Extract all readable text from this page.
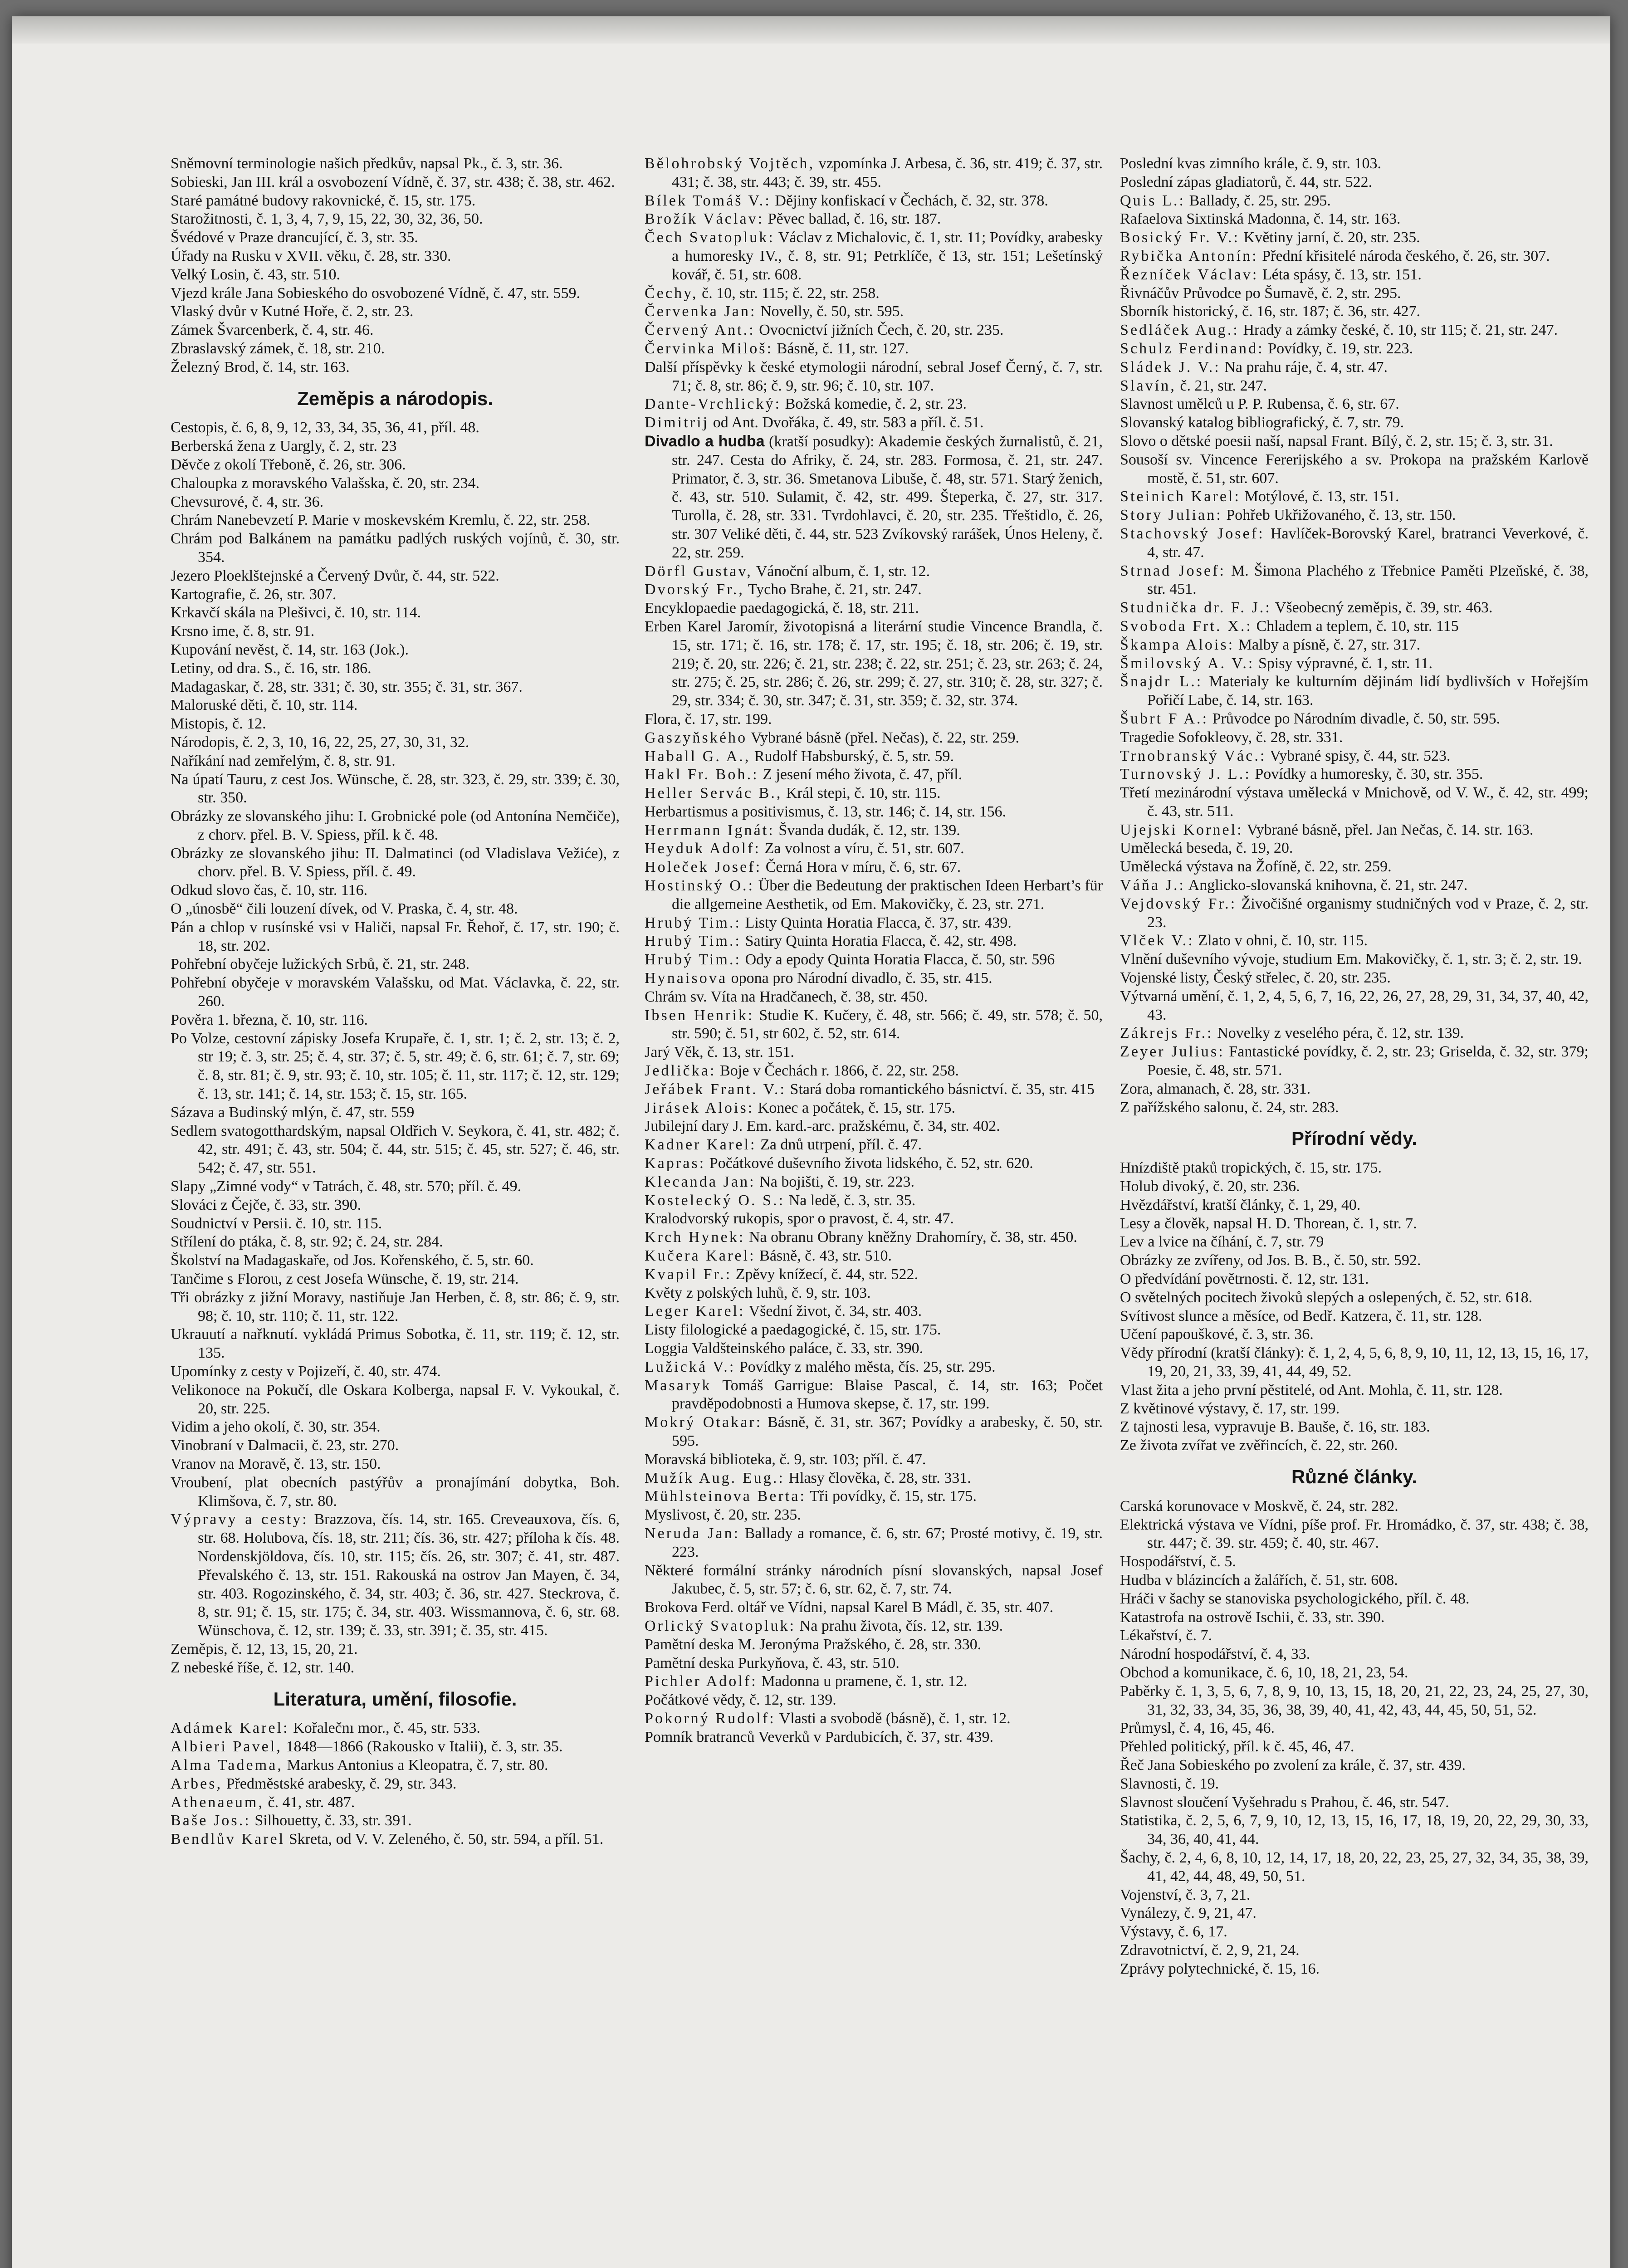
Sněmovní terminologie našich předkův, napsal Pk., č. 3, str. 36.

Sobieski, Jan III. král a osvobození Vídně, č. 37, str. 438; č. 38, str. 462.

Staré památné budovy rakovnické, č. 15, str. 175.

Starožitnosti, č. 1, 3, 4, 7, 9, 15, 22, 30, 32, 36, 50.

Švédové v Praze drancující, č. 3, str. 35.

Úřady na Rusku v XVII. věku, č. 28, str. 330.

Velký Losin, č. 43, str. 510.

Vjezd krále Jana Sobieského do osvobozené Vídně, č. 47, str. 559.

Vlaský dvůr v Kutné Hoře, č. 2, str. 23.

Zámek Švarcenberk, č. 4, str. 46.

Zbraslavský zámek, č. 18, str. 210.

Železný Brod, č. 14, str. 163.

Zeměpis a národopis.

Cestopis, č. 6, 8, 9, 12, 33, 34, 35, 36, 41, příl. 48.

Berberská žena z Uargly, č. 2, str. 23

Děvče z okolí Třeboně, č. 26, str. 306.

Chaloupka z moravského Valašska, č. 20, str. 234.

Chevsurové, č. 4, str. 36.

Chrám Nanebevzetí P. Marie v moskevském Kremlu, č. 22, str. 258.

Chrám pod Balkánem na památku padlých ruských vojínů, č. 30, str. 354.

Jezero Ploeklštejnské a Červený Dvůr, č. 44, str. 522.

Kartografie, č. 26, str. 307.

Krkavčí skála na Plešivci, č. 10, str. 114.

Krsno ime, č. 8, str. 91.

Kupování nevěst, č. 14, str. 163 (Jok.).

Letiny, od dra. S., č. 16, str. 186.

Madagaskar, č. 28, str. 331; č. 30, str. 355; č. 31, str. 367.

Maloruské děti, č. 10, str. 114.

Mistopis, č. 12.

Národopis, č. 2, 3, 10, 16, 22, 25, 27, 30, 31, 32.

Naříkání nad zemřelým, č. 8, str. 91.

Na úpatí Tauru, z cest Jos. Wünsche, č. 28, str. 323, č. 29, str. 339; č. 30, str. 350.

Obrázky ze slovanského jihu: I. Grobnické pole (od Antonína Nemčiče), z chorv. přel. B. V. Spiess, příl. k č. 48.

Obrázky ze slovanského jihu: II. Dalmatinci (od Vladislava Vežiće), z chorv. přel. B. V. Spiess, příl. č. 49.

Odkud slovo čas, č. 10, str. 116.

O „únosbě“ čili louzení dívek, od V. Praska, č. 4, str. 48.

Pán a chlop v rusínské vsi v Haliči, napsal Fr. Řehoř, č. 17, str. 190; č. 18, str. 202.

Pohřební obyčeje lužických Srbů, č. 21, str. 248.

Pohřební obyčeje v moravském Valašsku, od Mat. Václavka, č. 22, str. 260.

Pověra 1. března, č. 10, str. 116.

Po Volze, cestovní zápisky Josefa Krupaře, č. 1, str. 1; č. 2, str. 13; č. 2, str 19; č. 3, str. 25; č. 4, str. 37; č. 5, str. 49; č. 6, str. 61; č. 7, str. 69; č. 8, str. 81; č. 9, str. 93; č. 10, str. 105; č. 11, str. 117; č. 12, str. 129; č. 13, str. 141; č. 14, str. 153; č. 15, str. 165.

Sázava a Budinský mlýn, č. 47, str. 559

Sedlem svatogotthardským, napsal Oldřich V. Seykora, č. 41, str. 482; č. 42, str. 491; č. 43, str. 504; č. 44, str. 515; č. 45, str. 527; č. 46, str. 542; č. 47, str. 551.

Slapy „Zimné vody“ v Tatrách, č. 48, str. 570; příl. č. 49.

Slováci z Čejče, č. 33, str. 390.

Soudnictví v Persii. č. 10, str. 115.

Střílení do ptáka, č. 8, str. 92; č. 24, str. 284.

Školství na Madagaskaře, od Jos. Kořenského, č. 5, str. 60.

Tančime s Florou, z cest Josefa Wünsche, č. 19, str. 214.

Tři obrázky z jižní Moravy, nastiňuje Jan Herben, č. 8, str. 86; č. 9, str. 98; č. 10, str. 110; č. 11, str. 122.

Ukrauutí a nařknutí. vykládá Primus Sobotka, č. 11, str. 119; č. 12, str. 135.

Upomínky z cesty v Pojizeří, č. 40, str. 474.

Velikonoce na Pokučí, dle Oskara Kolberga, napsal F. V. Vykoukal, č. 20, str. 225.

Vidim a jeho okolí, č. 30, str. 354.

Vinobraní v Dalmacii, č. 23, str. 270.

Vranov na Moravě, č. 13, str. 150.

Vroubení, plat obecních pastýřův a pronajímání dobytka, Boh. Klimšova, č. 7, str. 80.

Výpravy a cesty: Brazzova, čís. 14, str. 165. Creveauxova, čís. 6, str. 68. Holubova, čís. 18, str. 211; čís. 36, str. 427; příloha k čís. 48. Nordenskjöldova, čís. 10, str. 115; čís. 26, str. 307; č. 41, str. 487. Převalského č. 13, str. 151. Rakouská na ostrov Jan Mayen, č. 34, str. 403. Rogozinského, č. 34, str. 403; č. 36, str. 427. Steckrova, č. 8, str. 91; č. 15, str. 175; č. 34, str. 403. Wissmannova, č. 6, str. 68. Wünschova, č. 12, str. 139; č. 33, str. 391; č. 35, str. 415.

Zeměpis, č. 12, 13, 15, 20, 21.

Z nebeské říše, č. 12, str. 140.

Literatura, umění, filosofie.

Adámek Karel: Kořalečnı mor., č. 45, str. 533.

Albieri Pavel, 1848—1866 (Rakousko v Italii), č. 3, str. 35.

Alma Tadema, Markus Antonius a Kleopatra, č. 7, str. 80.

Arbes, Předměstské arabesky, č. 29, str. 343.

Athenaeum, č. 41, str. 487.

Baše Jos.: Silhouetty, č. 33, str. 391.

Bendlův Karel Skreta, od V. V. Zeleného, č. 50, str. 594, a příl. 51.

Bělohrobský Vojtěch, vzpomínka J. Arbesa, č. 36, str. 419; č. 37, str. 431; č. 38, str. 443; č. 39, str. 455.

Bílek Tomáš V.: Dějiny konfiskací v Čechách, č. 32, str. 378.

Brožík Václav: Pěvec ballad, č. 16, str. 187.

Čech Svatopluk: Václav z Michalovic, č. 1, str. 11; Povídky, arabesky a humoresky IV., č. 8, str. 91; Petrklíče, č 13, str. 151; Lešetínský kovář, č. 51, str. 608.

Čechy, č. 10, str. 115; č. 22, str. 258.

Červenka Jan: Novelly, č. 50, str. 595.

Červený Ant.: Ovocnictví jižních Čech, č. 20, str. 235.

Červinka Miloš: Básně, č. 11, str. 127.

Další příspěvky k české etymologii národní, sebral Josef Černý, č. 7, str. 71; č. 8, str. 86; č. 9, str. 96; č. 10, str. 107.

Dante-Vrchlický: Božská komedie, č. 2, str. 23.

Dimitrij od Ant. Dvořáka, č. 49, str. 583 a příl. č. 51.

Divadlo a hudba (kratší posudky): Akademie českých žurnalistů, č. 21, str. 247. Cesta do Afriky, č. 24, str. 283. Formosa, č. 21, str. 247. Primator, č. 3, str. 36. Smetanova Libuše, č. 48, str. 571. Starý ženich, č. 43, str. 510. Sulamit, č. 42, str. 499. Šteperka, č. 27, str. 317. Turolla, č. 28, str. 331. Tvrdohlavci, č. 20, str. 235. Třeštidlo, č. 26, str. 307 Veliké děti, č. 44, str. 523 Zvíkovský rarášek, Únos Heleny, č. 22, str. 259.

Dörfl Gustav, Vánoční album, č. 1, str. 12.

Dvorský Fr., Tycho Brahe, č. 21, str. 247.

Encyklopaedie paedagogická, č. 18, str. 211.

Erben Karel Jaromír, životopisná a literární studie Vincence Brandla, č. 15, str. 171; č. 16, str. 178; č. 17, str. 195; č. 18, str. 206; č. 19, str. 219; č. 20, str. 226; č. 21, str. 238; č. 22, str. 251; č. 23, str. 263; č. 24, str. 275; č. 25, str. 286; č. 26, str. 299; č. 27, str. 310; č. 28, str. 327; č. 29, str. 334; č. 30, str. 347; č. 31, str. 359; č. 32, str. 374.

Flora, č. 17, str. 199.

Gaszyňského Vybrané básně (přel. Nečas), č. 22, str. 259.

Haball G. A., Rudolf Habsburský, č. 5, str. 59.

Hakl Fr. Boh.: Z jesení mého života, č. 47, příl.

Heller Servác B., Král stepi, č. 10, str. 115.

Herbartismus a positivismus, č. 13, str. 146; č. 14, str. 156.

Herrmann Ignát: Švanda dudák, č. 12, str. 139.

Heyduk Adolf: Za volnost a víru, č. 51, str. 607.

Holeček Josef: Černá Hora v míru, č. 6, str. 67.

Hostinský O.: Über die Bedeutung der praktischen Ideen Herbart’s für die allgemeine Aesthetik, od Em. Makovičky, č. 23, str. 271.

Hrubý Tim.: Listy Quinta Horatia Flacca, č. 37, str. 439.

Hrubý Tim.: Satiry Quinta Horatia Flacca, č. 42, str. 498.

Hrubý Tim.: Ody a epody Quinta Horatia Flacca, č. 50, str. 596

Hynaisova opona pro Národní divadlo, č. 35, str. 415.

Chrám sv. Víta na Hradčanech, č. 38, str. 450.

Ibsen Henrik: Studie K. Kučery, č. 48, str. 566; č. 49, str. 578; č. 50, str. 590; č. 51, str 602, č. 52, str. 614.

Jarý Věk, č. 13, str. 151.

Jedlička: Boje v Čechách r. 1866, č. 22, str. 258.

Jeřábek Frant. V.: Stará doba romantického básnictví. č. 35, str. 415

Jirásek Alois: Konec a počátek, č. 15, str. 175.

Jubilejní dary J. Em. kard.-arc. pražskému, č. 34, str. 402.

Kadner Karel: Za dnů utrpení, příl. č. 47.

Kapras: Počátkové duševního života lidského, č. 52, str. 620.

Klecanda Jan: Na bojišti, č. 19, str. 223.

Kostelecký O. S.: Na ledě, č. 3, str. 35.

Kralodvorský rukopis, spor o pravost, č. 4, str. 47.

Krch Hynek: Na obranu Obrany kněžny Drahomíry, č. 38, str. 450.

Kučera Karel: Básně, č. 43, str. 510.

Kvapil Fr.: Zpěvy knížecí, č. 44, str. 522.

Květy z polských luhů, č. 9, str. 103.

Leger Karel: Všední život, č. 34, str. 403.

Listy filologické a paedagogické, č. 15, str. 175.

Loggia Valdšteinského paláce, č. 33, str. 390.

Lužická V.: Povídky z malého města, čís. 25, str. 295.

Masaryk Tomáš Garrigue: Blaise Pascal, č. 14, str. 163; Počet pravděpodobnosti a Humova skepse, č. 17, str. 199.

Mokrý Otakar: Básně, č. 31, str. 367; Povídky a arabesky, č. 50, str. 595.

Moravská biblioteka, č. 9, str. 103; příl. č. 47.

Mužík Aug. Eug.: Hlasy člověka, č. 28, str. 331.

Mühlsteinova Berta: Tři povídky, č. 15, str. 175.

Myslivost, č. 20, str. 235.

Neruda Jan: Ballady a romance, č. 6, str. 67; Prosté motivy, č. 19, str. 223.

Některé formální stránky národních písní slovanských, napsal Josef Jakubec, č. 5, str. 57; č. 6, str. 62, č. 7, str. 74.

Brokova Ferd. oltář ve Vídni, napsal Karel B Mádl, č. 35, str. 407.

Orlický Svatopluk: Na prahu života, čís. 12, str. 139.

Pamětní deska M. Jeronýma Pražského, č. 28, str. 330.

Pamětní deska Purkyňova, č. 43, str. 510.

Pichler Adolf: Madonna u pramene, č. 1, str. 12.

Počátkové vědy, č. 12, str. 139.

Pokorný Rudolf: Vlasti a svobodě (básně), č. 1, str. 12.

Pomník bratranců Veverků v Pardubicích, č. 37, str. 439.

Poslední kvas zimního krále, č. 9, str. 103.

Poslední zápas gladiatorů, č. 44, str. 522.

Quis L.: Ballady, č. 25, str. 295.

Rafaelova Sixtinská Madonna, č. 14, str. 163.

Bosický Fr. V.: Květiny jarní, č. 20, str. 235.

Rybička Antonín: Přední křisitelé národa českého, č. 26, str. 307.

Řezníček Václav: Léta spásy, č. 13, str. 151.

Řivnáčův Průvodce po Šumavě, č. 2, str. 295.

Sborník historický, č. 16, str. 187; č. 36, str. 427.

Sedláček Aug.: Hrady a zámky české, č. 10, str 115; č. 21, str. 247.

Schulz Ferdinand: Povídky, č. 19, str. 223.

Sládek J. V.: Na prahu ráje, č. 4, str. 47.

Slavín, č. 21, str. 247.

Slavnost umělců u P. P. Rubensa, č. 6, str. 67.

Slovanský katalog bibliografický, č. 7, str. 79.

Slovo o dětské poesii naší, napsal Frant. Bílý, č. 2, str. 15; č. 3, str. 31.

Sousoší sv. Vincence Fererijského a sv. Prokopa na pražském Karlově mostě, č. 51, str. 607.

Steinich Karel: Motýlové, č. 13, str. 151.

Story Julian: Pohřeb Ukřižovaného, č. 13, str. 150.

Stachovský Josef: Havlíček-Borovský Karel, bratranci Veverkové, č. 4, str. 47.

Strnad Josef: M. Šimona Plachého z Třebnice Paměti Plzeňské, č. 38, str. 451.

Studnička dr. F. J.: Všeobecný zeměpis, č. 39, str. 463.

Svoboda Frt. X.: Chladem a teplem, č. 10, str. 115

Škampa Alois: Malby a písně, č. 27, str. 317.

Šmilovský A. V.: Spisy výpravné, č. 1, str. 11.

Šnajdr L.: Materialy ke kulturním dějinám lidí bydlivších v Hořejším Pořičí Labe, č. 14, str. 163.

Šubrt F A.: Průvodce po Národním divadle, č. 50, str. 595.

Tragedie Sofokleovy, č. 28, str. 331.

Trnobranský Vác.: Vybrané spisy, č. 44, str. 523.

Turnovský J. L.: Povídky a humoresky, č. 30, str. 355.

Třetí mezinárodní výstava umělecká v Mnichově, od V. W., č. 42, str. 499; č. 43, str. 511.

Ujejski Kornel: Vybrané básně, přel. Jan Nečas, č. 14. str. 163.

Umělecká beseda, č. 19, 20.

Umělecká výstava na Žofíně, č. 22, str. 259.

Váňa J.: Anglicko-slovanská knihovna, č. 21, str. 247.

Vejdovský Fr.: Živočišné organismy studničných vod v Praze, č. 2, str. 23.

Vlček V.: Zlato v ohni, č. 10, str. 115.

Vlnění duševního vývoje, studium Em. Makovičky, č. 1, str. 3; č. 2, str. 19.

Vojenské listy, Český střelec, č. 20, str. 235.

Výtvarná umění, č. 1, 2, 4, 5, 6, 7, 16, 22, 26, 27, 28, 29, 31, 34, 37, 40, 42, 43.

Zákrejs Fr.: Novelky z veselého péra, č. 12, str. 139.

Zeyer Julius: Fantastické povídky, č. 2, str. 23; Griselda, č. 32, str. 379; Poesie, č. 48, str. 571.

Zora, almanach, č. 28, str. 331.

Z pařížského salonu, č. 24, str. 283.

Přírodní vědy.

Hnízdiště ptaků tropických, č. 15, str. 175.

Holub divoký, č. 20, str. 236.

Hvězdářství, kratší články, č. 1, 29, 40.

Lesy a člověk, napsal H. D. Thorean, č. 1, str. 7.

Lev a lvice na číhání, č. 7, str. 79

Obrázky ze zvířeny, od Jos. B. B., č. 50, str. 592.

O předvídání povětrnosti. č. 12, str. 131.

O světelných pocitech živoků slepých a oslepených, č. 52, str. 618.

Svítivost slunce a měsíce, od Bedř. Katzera, č. 11, str. 128.

Učení papouškové, č. 3, str. 36.

Vědy přírodní (kratší články): č. 1, 2, 4, 5, 6, 8, 9, 10, 11, 12, 13, 15, 16, 17, 19, 20, 21, 33, 39, 41, 44, 49, 52.

Vlast žita a jeho první pěstitelé, od Ant. Mohla, č. 11, str. 128.

Z květinové výstavy, č. 17, str. 199.

Z tajnosti lesa, vypravuje B. Bauše, č. 16, str. 183.

Ze života zvířat ve zvěřincích, č. 22, str. 260.

Různé články.

Carská korunovace v Moskvě, č. 24, str. 282.

Elektrická výstava ve Vídni, píše prof. Fr. Hromádko, č. 37, str. 438; č. 38, str. 447; č. 39. str. 459; č. 40, str. 467.

Hospodářství, č. 5.

Hudba v blázincích a žalářích, č. 51, str. 608.

Hráči v šachy se stanoviska psychologického, příl. č. 48.

Katastrofa na ostrově Ischii, č. 33, str. 390.

Lékařství, č. 7.

Národní hospodářství, č. 4, 33.

Obchod a komunikace, č. 6, 10, 18, 21, 23, 54.

Paběrky č. 1, 3, 5, 6, 7, 8, 9, 10, 13, 15, 18, 20, 21, 22, 23, 24, 25, 27, 30, 31, 32, 33, 34, 35, 36, 38, 39, 40, 41, 42, 43, 44, 45, 50, 51, 52.

Průmysl, č. 4, 16, 45, 46.

Přehled politický, příl. k č. 45, 46, 47.

Řeč Jana Sobieského po zvolení za krále, č. 37, str. 439.

Slavnosti, č. 19.

Slavnost sloučení Vyšehradu s Prahou, č. 46, str. 547.

Statistika, č. 2, 5, 6, 7, 9, 10, 12, 13, 15, 16, 17, 18, 19, 20, 22, 29, 30, 33, 34, 36, 40, 41, 44.

Šachy, č. 2, 4, 6, 8, 10, 12, 14, 17, 18, 20, 22, 23, 25, 27, 32, 34, 35, 38, 39, 41, 42, 44, 48, 49, 50, 51.

Vojenství, č. 3, 7, 21.

Vynálezy, č. 9, 21, 47.

Výstavy, č. 6, 17.

Zdravotnictví, č. 2, 9, 21, 24.

Zprávy polytechnické, č. 15, 16.
